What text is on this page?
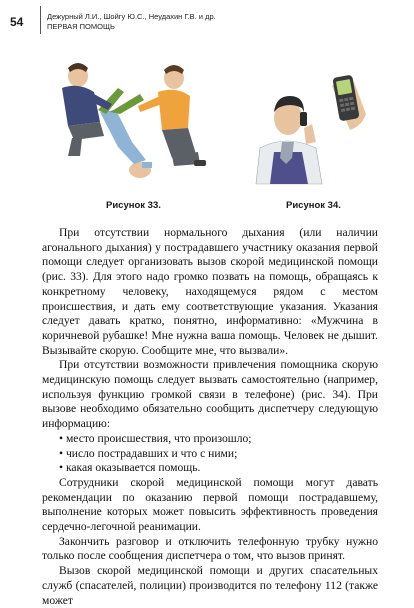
54	Дежурный Л.И., Шойгу Ю.С., Неудахин Г.В. и др.
ПЕРВАЯ ПОМОЩЬ
Рисунок 33.	Рисунок 34.

При отсутствии нормального дыхания (или наличии агонального дыхания) у пострадавшего участнику оказания первой помощи следует организовать вызов скорой медицинской помощи (рис. 33). Для этого надо громко позвать на помощь, обращаясь к конкретному человеку, находящемуся рядом с местом происшествия, и дать ему соответствующие указания. Указания следует давать кратко, понятно, информативно: «Мужчина в коричневой рубашке! Мне нужна ваша помощь. Человек не дышит. Вызывайте скорую. Сообщите мне, что вызвали».

При отсутствии возможности привлечения помощника скорую медицинскую помощь следует вызвать самостоятельно (например, используя функцию громкой связи в телефоне) (рис. 34). При вызове необходимо обязательно сообщить диспетчеру следующую информацию:

• место происшествия, что произошло;
• число пострадавших и что с ними;
• какая оказывается помощь.

Сотрудники скорой медицинской помощи могут давать рекомендации по оказанию первой помощи пострадавшему, выполнение которых может повысить эффективность проведения сердечно-легочной реанимации.

Закончить разговор и отключить телефонную трубку нужно только после сообщения диспетчера о том, что вызов принят.

Вызов скорой медицинской помощи и других спасательных служб (спасателей, полиции) производится по телефону 112 (также может
